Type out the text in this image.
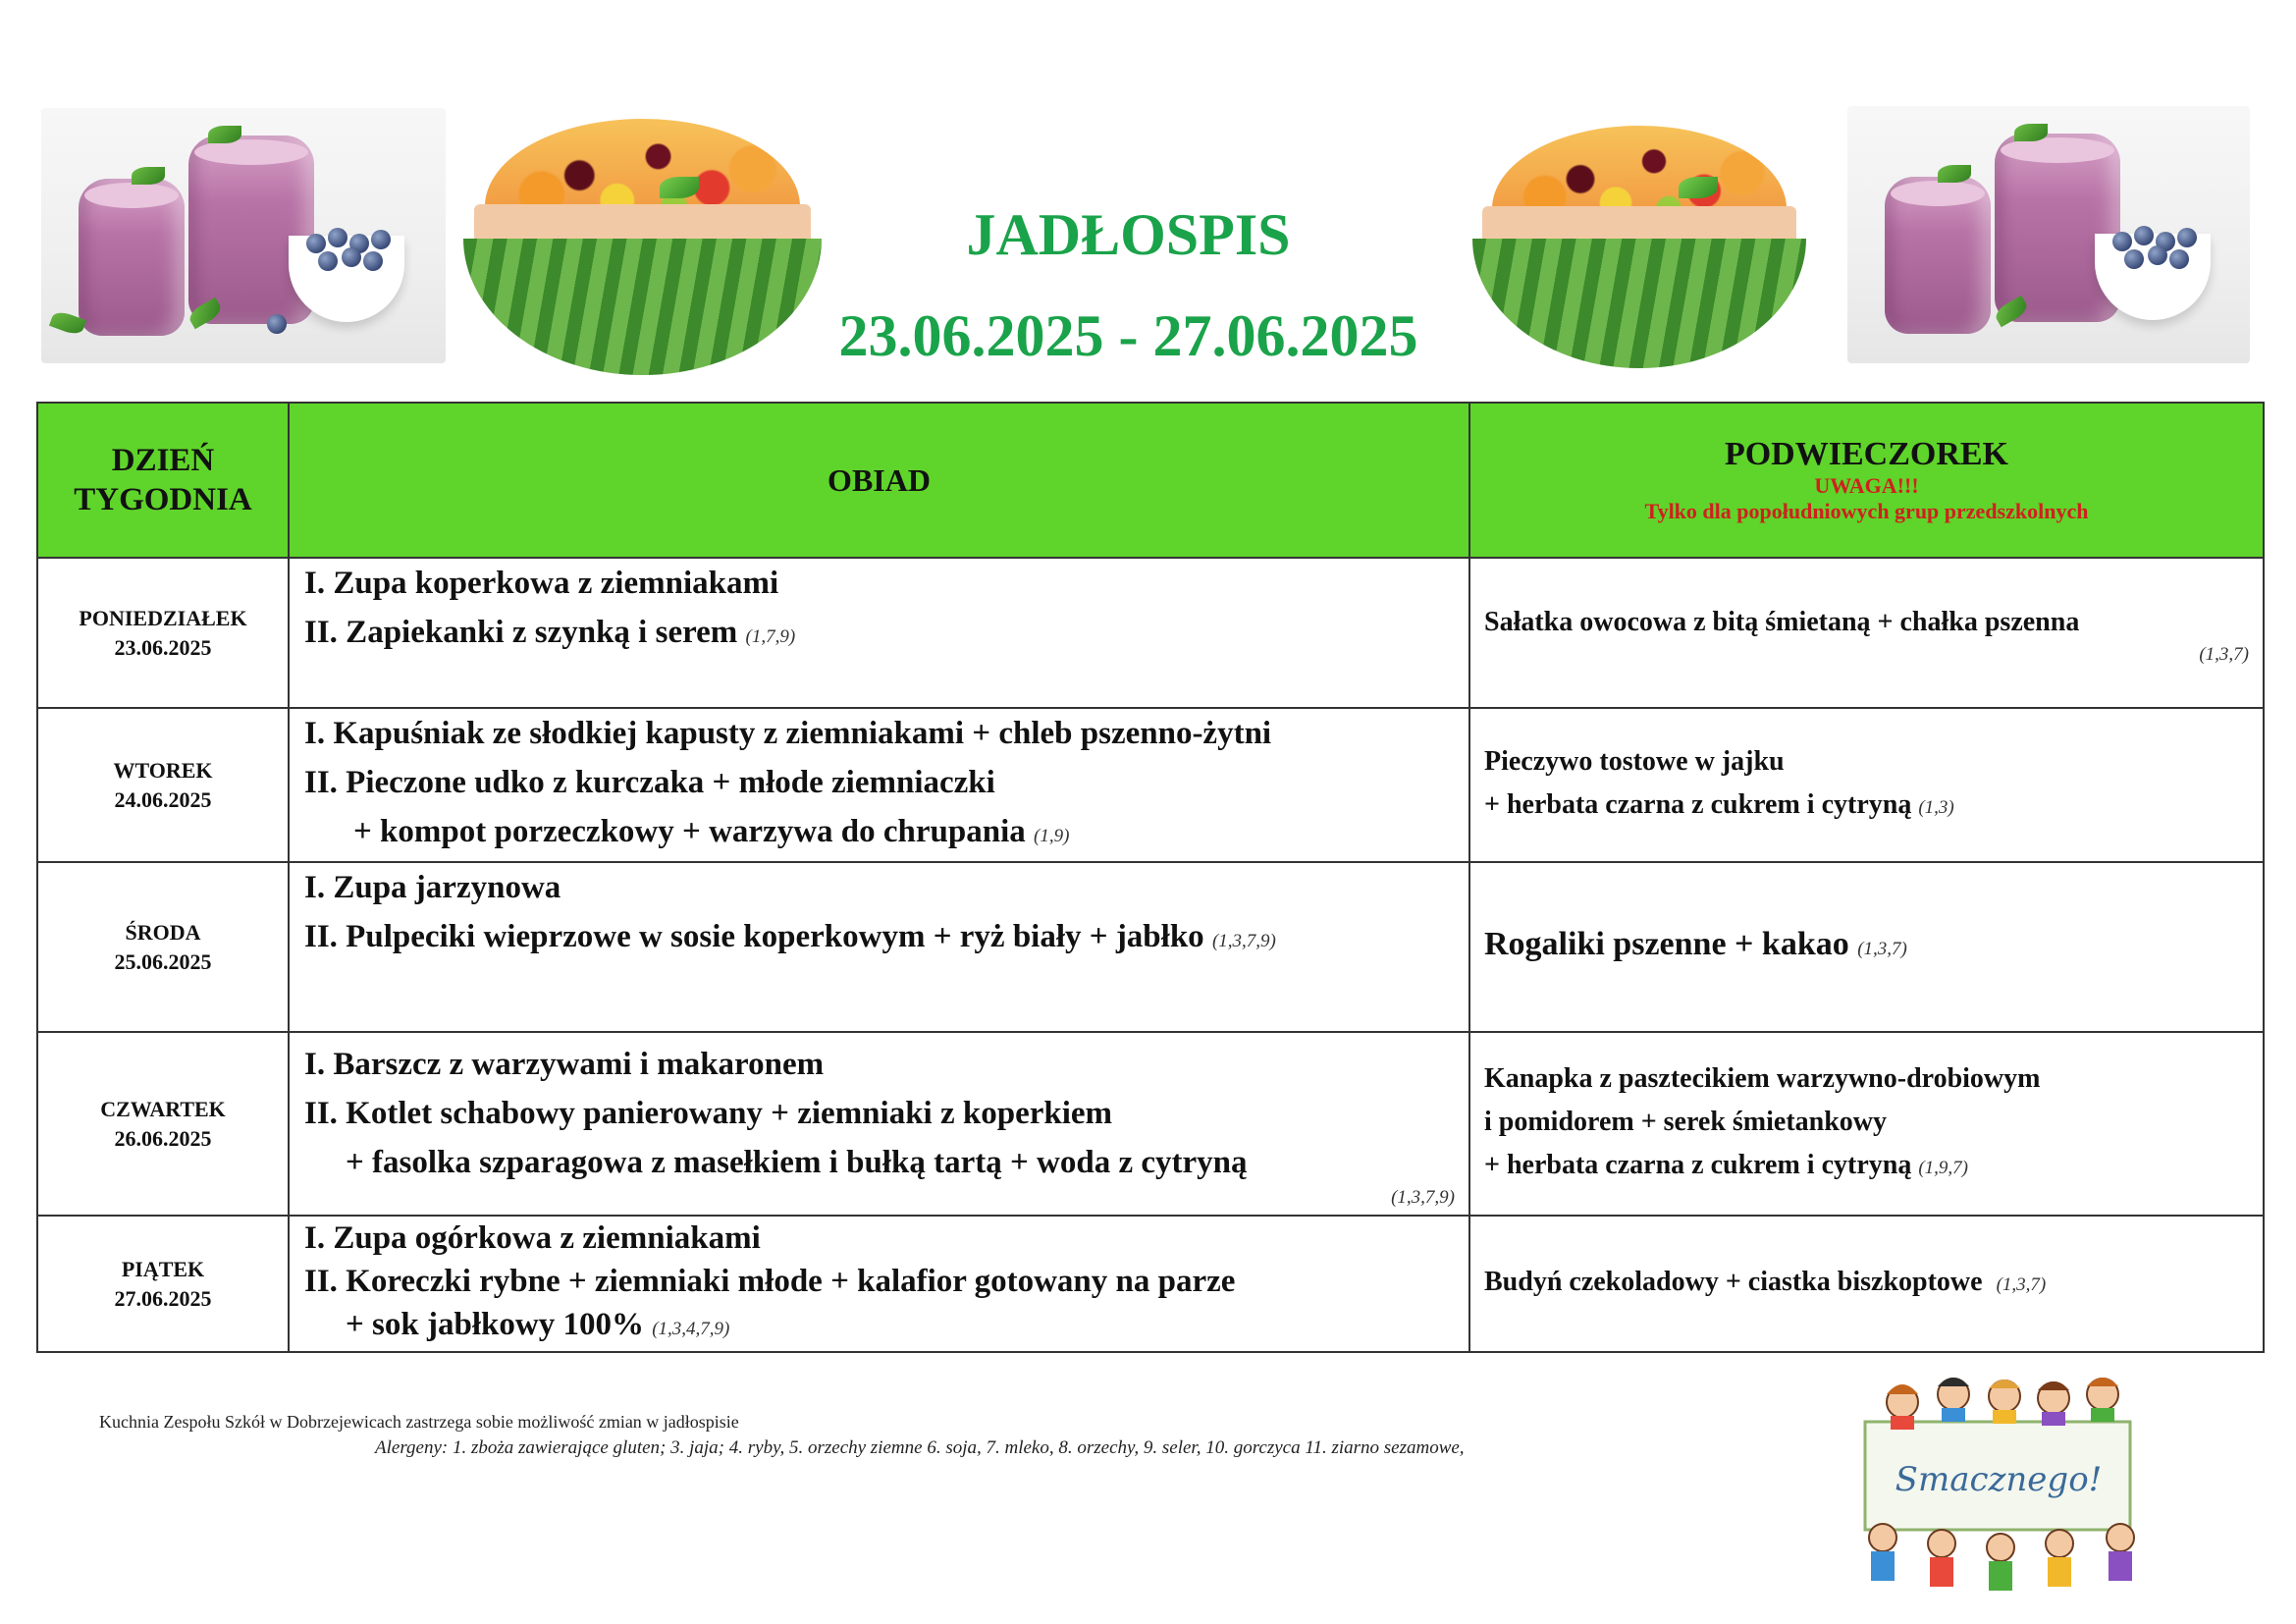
JADŁOSPIS
23.06.2025 - 27.06.2025
DZIEŃ
TYGODNIA	OBIAD	PODWIECZOREK
UWAGA!!!
Tylko dla popołudniowych grup przedszkolnych

PONIEDZIAŁEK
23.06.2025	I. Zupa koperkowa z ziemniakami
II. Zapiekanki z szynką i serem (1,7,9)	Sałatka owocowa z bitą śmietaną + chałka pszenna
(1,3,7)

WTOREK
24.06.2025	I. Kapuśniak ze słodkiej kapusty z ziemniakami + chleb pszenno-żytni
II. Pieczone udko z kurczaka + młode ziemniaczki
+ kompot porzeczkowy + warzywa do chrupania (1,9)	Pieczywo tostowe w jajku
+ herbata czarna z cukrem i cytryną (1,3)

ŚRODA
25.06.2025	I. Zupa jarzynowa
II. Pulpeciki wieprzowe w sosie koperkowym + ryż biały + jabłko (1,3,7,9)	Rogaliki pszenne + kakao (1,3,7)

CZWARTEK
26.06.2025	I. Barszcz z warzywami i makaronem
II. Kotlet schabowy panierowany + ziemniaki z koperkiem
+ fasolka szparagowa z masełkiem i bułką tartą + woda z cytryną
(1,3,7,9)	Kanapka z pasztecikiem warzywno-drobiowym
i pomidorem + serek śmietankowy
+ herbata czarna z cukrem i cytryną (1,9,7)

PIĄTEK
27.06.2025	I. Zupa ogórkowa z ziemniakami
II. Koreczki rybne + ziemniaki młode + kalafior gotowany na parze
+ sok jabłkowy 100% (1,3,4,7,9)	Budyń czekoladowy + ciastka biszkoptowe (1,3,7)
Kuchnia Zespołu Szkół w Dobrzejewicach zastrzega sobie możliwość zmian w jadłospisie
Alergeny: 1. zboża zawierające gluten; 3. jaja; 4. ryby, 5. orzechy ziemne 6. soja, 7. mleko, 8. orzechy, 9. seler, 10. gorczyca 11. ziarno sezamowe,
Smacznego!
